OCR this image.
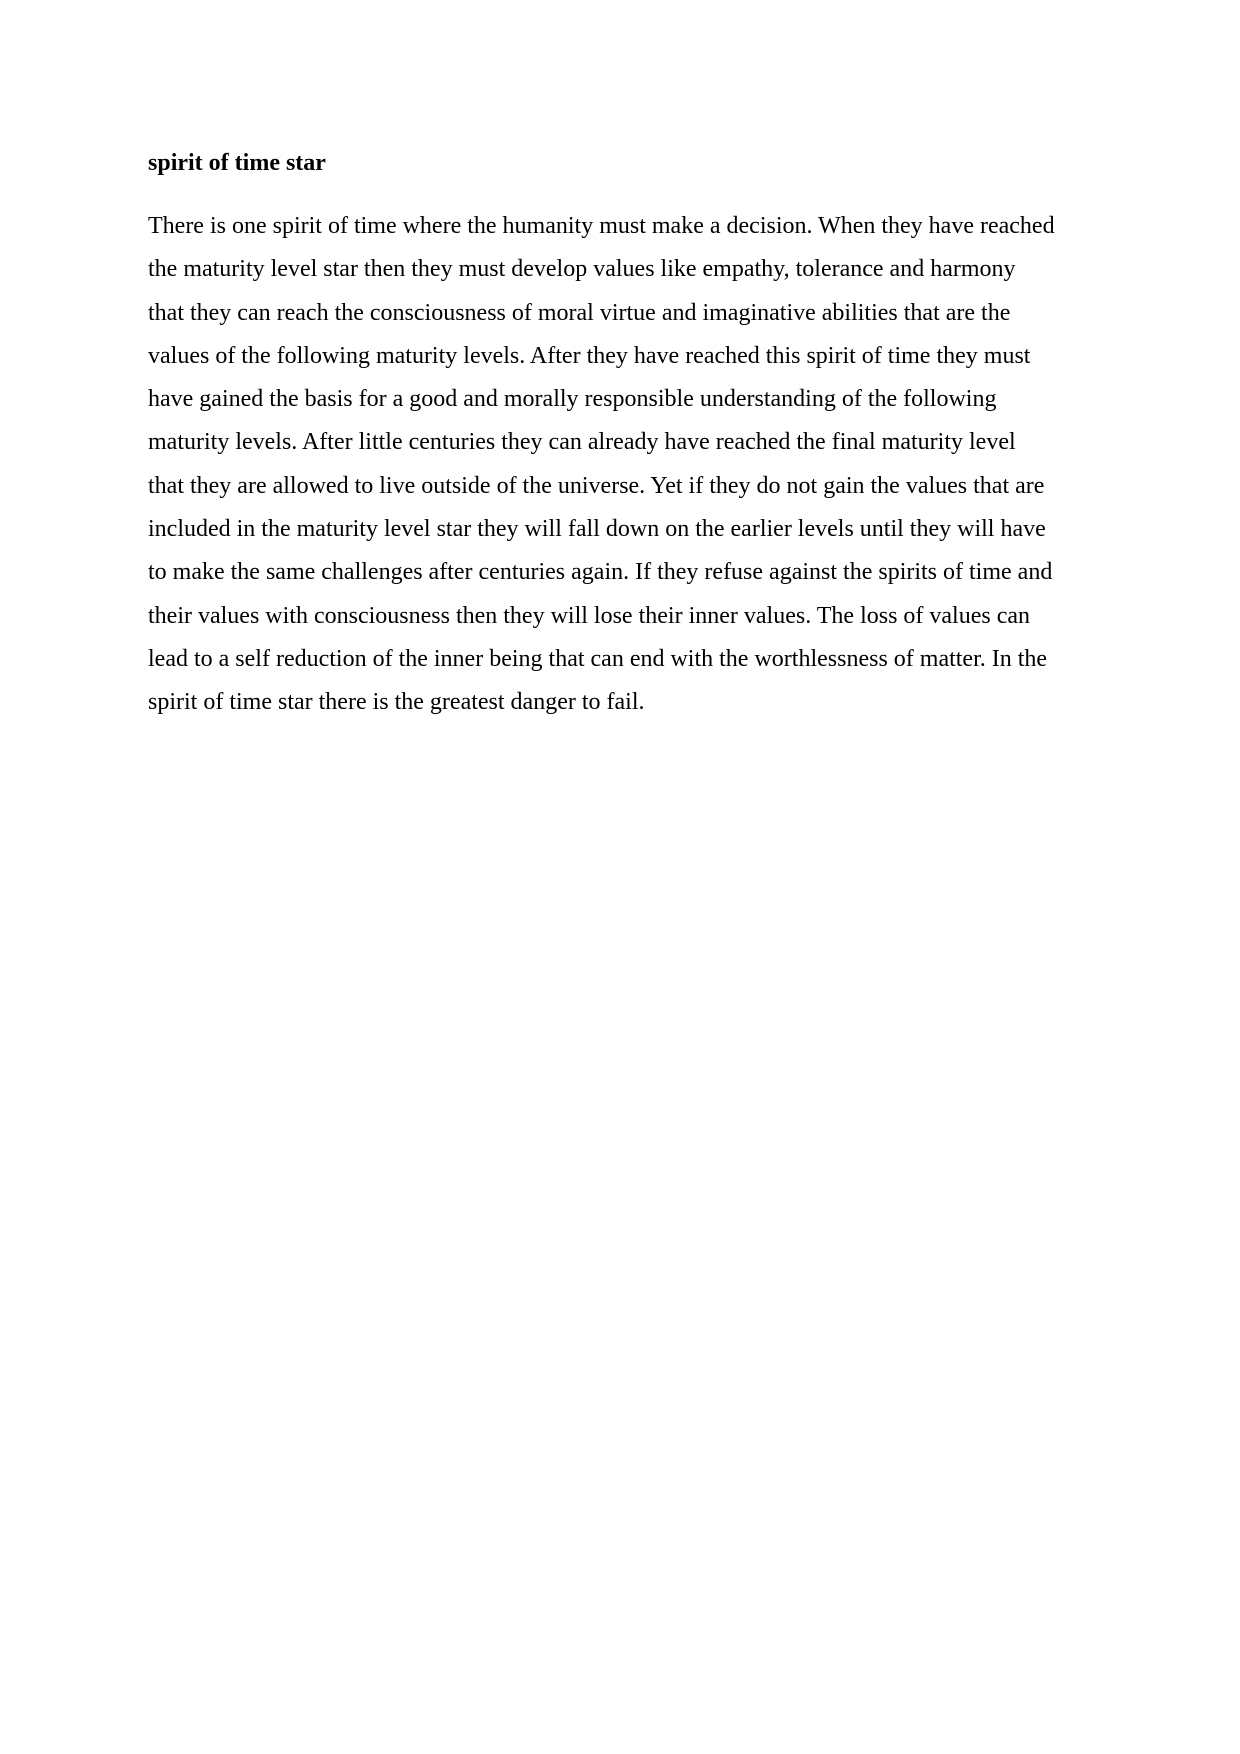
spirit of time star

There is one spirit of time where the humanity must make a decision. When they have reached
the maturity level star then they must develop values like empathy, tolerance and harmony
that they can reach the consciousness of moral virtue and imaginative abilities that are the
values of the following maturity levels. After they have reached this spirit of time they must
have gained the basis for a good and morally responsible understanding of the following
maturity levels. After little centuries they can already have reached the final maturity level
that they are allowed to live outside of the universe. Yet if they do not gain the values that are
included in the maturity level star they will fall down on the earlier levels until they will have
to make the same challenges after centuries again. If they refuse against the spirits of time and
their values with consciousness then they will lose their inner values. The loss of values can
lead to a self reduction of the inner being that can end with the worthlessness of matter. In the
spirit of time star there is the greatest danger to fail.
